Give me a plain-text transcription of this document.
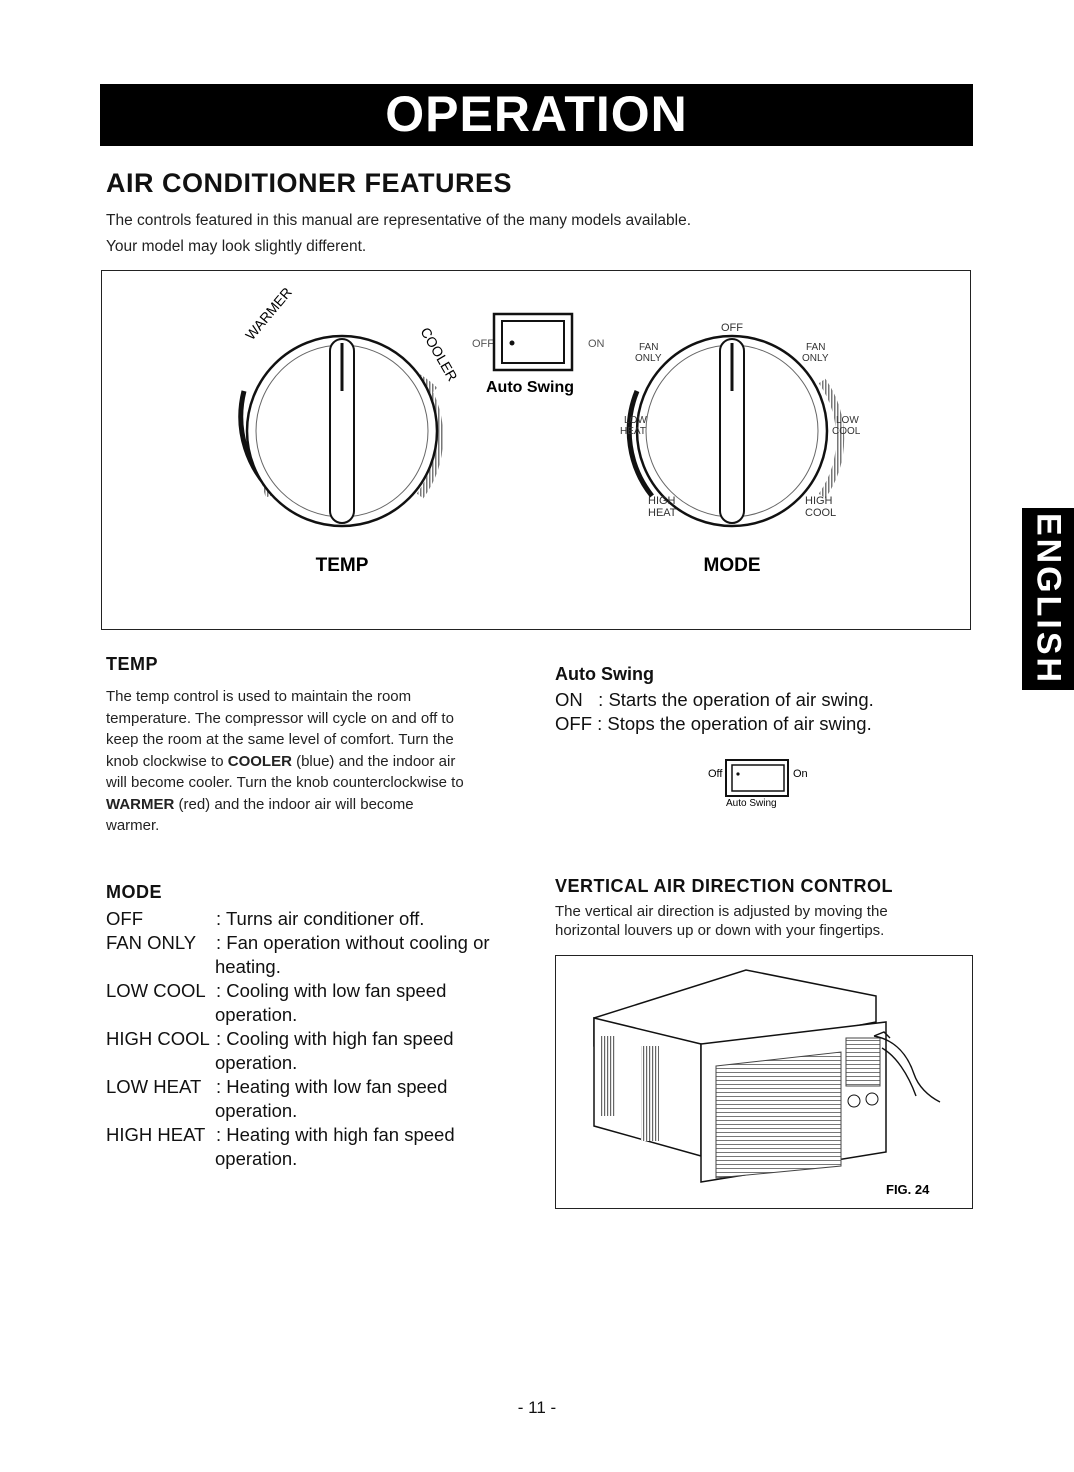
OPERATION
AIR CONDITIONER FEATURES
The controls featured in this manual are representative of the many models available.
Your model may look slightly different.
WARMER
COOLER
TEMP
OFF	ON
Auto Swing
OFF
FAN
ONLY
FAN
ONLY
LOW
HEAT
LOW
COOL
HIGH
HEAT
HIGH
COOL
MODE	ENGLISH
TEMP
The temp control is used to maintain the room
temperature. The compressor will cycle on and off to
keep the room at the same level of comfort. Turn the
knob clockwise to COOLER (blue) and the indoor air
will become cooler. Turn the knob counterclockwise to
WARMER (red) and the indoor air will become
warmer.
Auto Swing
ON   : Starts the operation of air swing.
OFF : Stops the operation of air swing.
Off	On
Auto Swing
MODE
OFF	: Turns air conditioner off.
FAN ONLY : Fan operation without cooling or
heating.
LOW COOL : Cooling with low fan speed
operation.
HIGH COOL : Cooling with high fan speed
operation.
LOW HEAT : Heating with low fan speed
operation.
HIGH HEAT : Heating with high fan speed
operation.
VERTICAL AIR DIRECTION CONTROL
The vertical air direction is adjusted by moving the
horizontal louvers up or down with your fingertips.
FIG. 24
- 11 -
